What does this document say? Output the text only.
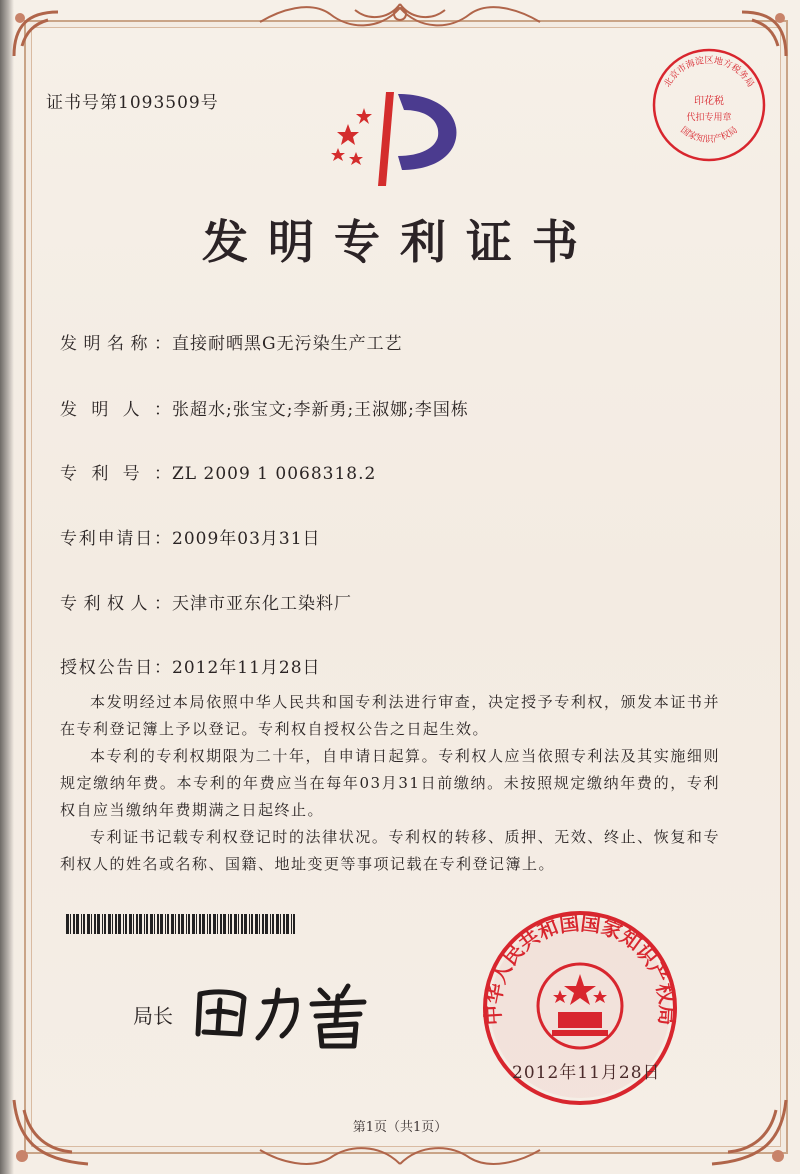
北京市海淀区地方税务局
印花税
代扣专用章
国家知识产权局
证书号第1093509号
发明专利证书
发明名称：直接耐晒黑G无污染生产工艺
发明人：张超水;张宝文;李新勇;王淑娜;李国栋
专利号：ZL 2009 1 0068318.2
专利申请日：2009年03月31日
专利权人：天津市亚东化工染料厂
授权公告日：2012年11月28日
本发明经过本局依照中华人民共和国专利法进行审查，决定授予专利权，颁发本证书并在专利登记簿上予以登记。专利权自授权公告之日起生效。
本专利的专利权期限为二十年，自申请日起算。专利权人应当依照专利法及其实施细则规定缴纳年费。本专利的年费应当在每年03月31日前缴纳。未按照规定缴纳年费的，专利权自应当缴纳年费期满之日起终止。
专利证书记载专利权登记时的法律状况。专利权的转移、质押、无效、终止、恢复和专利权人的姓名或名称、国籍、地址变更等事项记载在专利登记簿上。
局长	中华人民共和国国家知识产权局
2012年11月28日
第1页（共1页）
